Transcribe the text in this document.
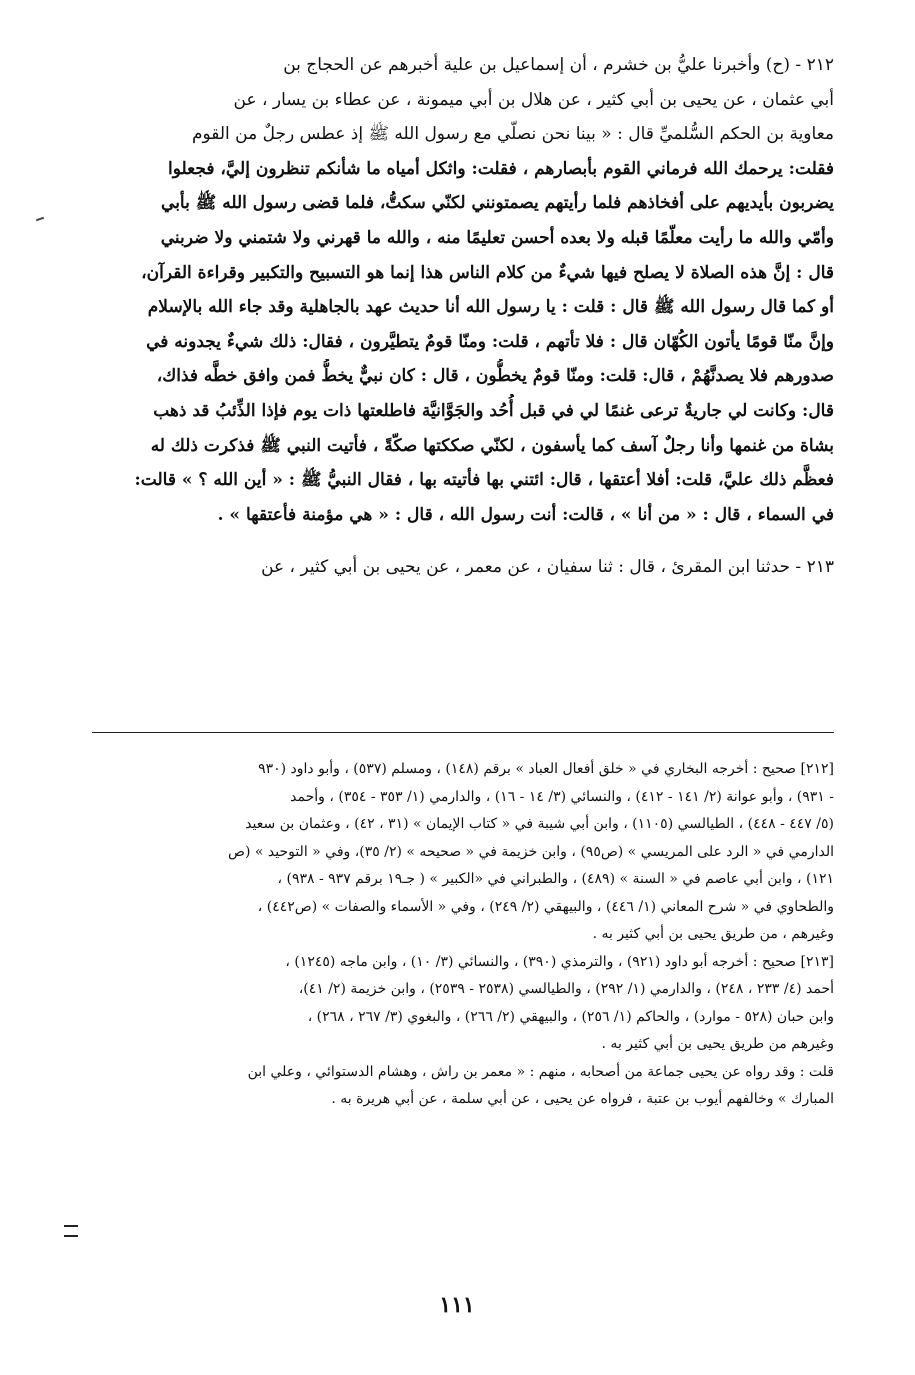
٢١٢ - (ح) وأخبرنا عليُّ بن خشرم ، أن إسماعيل بن علية أخبرهم عن الحجاج بن
أبي عثمان ، عن يحيى بن أبي كثير ، عن هلال بن أبي ميمونة ، عن عطاء بن يسار ، عن
معاوية بن الحكم السُّلميِّ قال : « بينا نحن نصلّي مع رسول الله ﷺ إذ عطس رجلٌ من القوم
فقلت: يرحمك الله فرماني القوم بأبصارهم ، فقلت: واثكل أمياه ما شأنكم تنظرون إليَّ، فجعلوا
يضربون بأيديهم على أفخاذهم فلما رأيتهم يصمتونني لكنّي سكتُّ، فلما قضى رسول الله ﷺ بأبي
وأمّي والله ما رأيت معلّمًا قبله ولا بعده أحسن تعليمًا منه ، والله ما قهرني ولا شتمني ولا ضربني
قال : إنَّ هذه الصلاة لا يصلح فيها شيءٌ من كلام الناس هذا إنما هو التسبيح والتكبير وقراءة القرآن،
أو كما قال رسول الله ﷺ قال : قلت : يا رسول الله أنا حديث عهد بالجاهلية وقد جاء الله بالإسلام
وإنَّ منّا قومًا يأتون الكُهّان قال : فلا تأتهم ، قلت: ومنّا قومٌ يتطيَّرون ، فقال: ذلك شيءٌ يجدونه في
صدورهم فلا يصدنَّهُمْ ، قال: قلت: ومنّا قومٌ يخطُّون ، قال : كان نبيٌّ يخطُّ فمن وافق خطَّه فذاك،
قال: وكانت لي جاريةٌ ترعى غنمًا لي في قبل أُحُد والجَوَّانيَّة فاطلعتها ذات يوم فإذا الذِّئبُ قد ذهب
بشاة من غنمها وأنا رجلٌ آسف كما يأسفون ، لكنّي صككتها صكّةً ، فأتيت النبي ﷺ فذكرت ذلك له
فعظَّم ذلك عليَّ، قلت: أفلا أعتقها ، قال: ائتني بها فأتيته بها ، فقال النبيُّ ﷺ : « أين الله ؟ » قالت:
في السماء ، قال : « من أنا » ، قالت: أنت رسول الله ، قال : « هي مؤمنة فأعتقها » .
٢١٣ - حدثنا ابن المقرئ ، قال : ثنا سفيان ، عن معمر ، عن يحيى بن أبي كثير ، عن
[٢١٢] صحيح : أخرجه البخاري في « خلق أفعال العباد » برقم (١٤٨) ، ومسلم (٥٣٧) ، وأبو داود (٩٣٠
- ٩٣١) ، وأبو عوانة (٢/ ١٤١ - ٤١٢) ، والنسائي (٣/ ١٤ - ١٦) ، والدارمي (١/ ٣٥٣ - ٣٥٤) ، وأحمد
(٥/ ٤٤٧ - ٤٤٨) ، الطيالسي (١١٠٥) ، وابن أبي شيبة في « كتاب الإيمان » (٣١ ، ٤٢) ، وعثمان بن سعيد
الدارمي في « الرد على المريسي » (ص٩٥) ، وابن خزيمة في « صحيحه » (٢/ ٣٥)، وفي « التوحيد » (ص
١٢١) ، وابن أبي عاصم في « السنة » (٤٨٩) ، والطبراني في «الكبير » ( جـ١٩ برقم ٩٣٧ - ٩٣٨) ،
والطحاوي في « شرح المعاني (١/ ٤٤٦) ، والبيهقي (٢/ ٢٤٩) ، وفي « الأسماء والصفات » (ص٤٤٢) ،
وغيرهم ، من طريق يحيى بن أبي كثير به .
[٢١٣] صحيح : أخرجه أبو داود (٩٢١) ، والترمذي (٣٩٠) ، والنسائي (٣/ ١٠) ، وابن ماجه (١٢٤٥) ،
أحمد (٤/ ٢٣٣ ، ٢٤٨) ، والدارمي (١/ ٢٩٢) ، والطيالسي (٢٥٣٨ - ٢٥٣٩) ، وابن خزيمة (٢/ ٤١)،
وابن حبان (٥٢٨ - موارد) ، والحاكم (١/ ٢٥٦) ، والبيهقي (٢/ ٢٦٦) ، والبغوي (٣/ ٢٦٧ ، ٢٦٨) ،
وغيرهم من طريق يحيى بن أبي كثير به .
قلت : وقد رواه عن يحيى جماعة من أصحابه ، منهم : « معمر بن راش ، وهشام الدستوائي ، وعلي ابن
المبارك » وخالفهم أيوب بن عتبة ، فرواه عن يحيى ، عن أبي سلمة ، عن أبي هريرة به .
١١١
